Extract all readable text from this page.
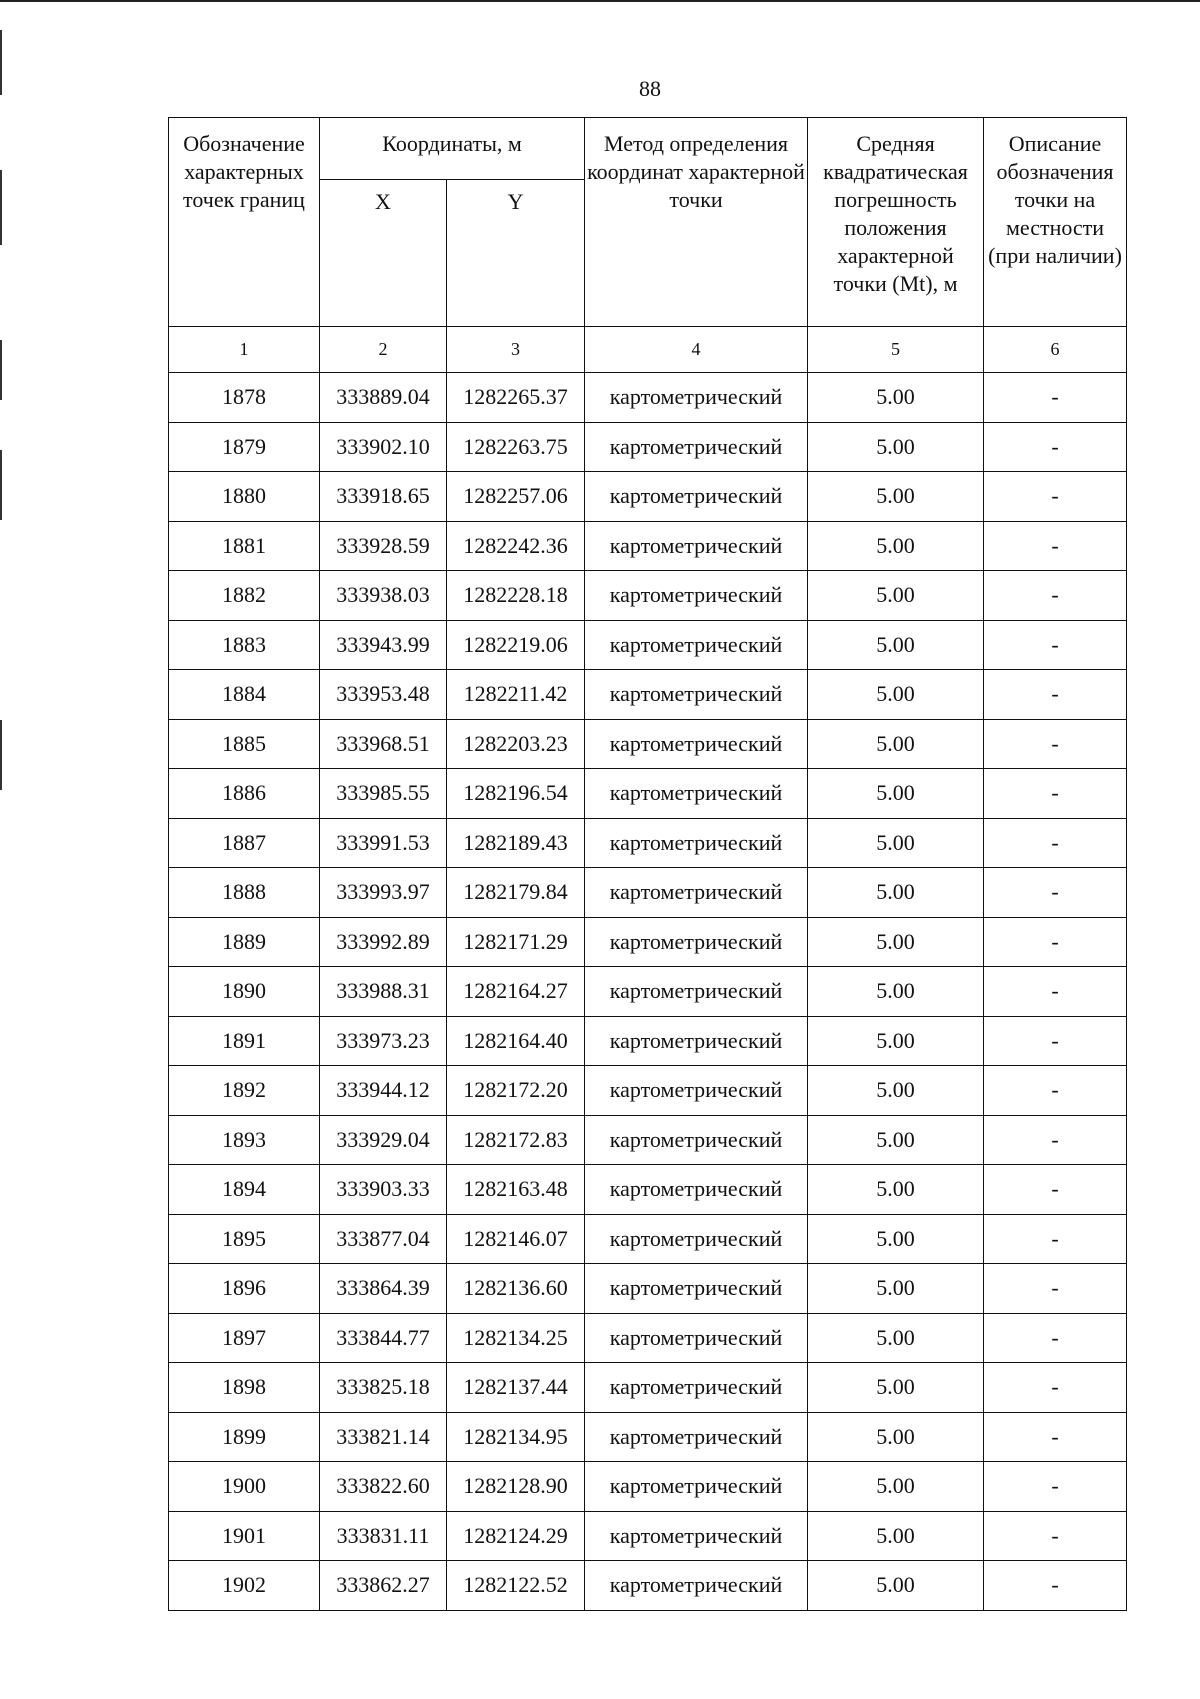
88
Обозначение характерных точек границ	Координаты, м		Метод определения координат характерной точки	Средняя квадратическая погрешность положения характерной точки (Mt), м	Описание обозначения точки на местности (при наличии)
	X	Y			
1	2	3	4	5	6
1878	333889.04	1282265.37	картометрический	5.00	-
1879	333902.10	1282263.75	картометрический	5.00	-
1880	333918.65	1282257.06	картометрический	5.00	-
1881	333928.59	1282242.36	картометрический	5.00	-
1882	333938.03	1282228.18	картометрический	5.00	-
1883	333943.99	1282219.06	картометрический	5.00	-
1884	333953.48	1282211.42	картометрический	5.00	-
1885	333968.51	1282203.23	картометрический	5.00	-
1886	333985.55	1282196.54	картометрический	5.00	-
1887	333991.53	1282189.43	картометрический	5.00	-
1888	333993.97	1282179.84	картометрический	5.00	-
1889	333992.89	1282171.29	картометрический	5.00	-
1890	333988.31	1282164.27	картометрический	5.00	-
1891	333973.23	1282164.40	картометрический	5.00	-
1892	333944.12	1282172.20	картометрический	5.00	-
1893	333929.04	1282172.83	картометрический	5.00	-
1894	333903.33	1282163.48	картометрический	5.00	-
1895	333877.04	1282146.07	картометрический	5.00	-
1896	333864.39	1282136.60	картометрический	5.00	-
1897	333844.77	1282134.25	картометрический	5.00	-
1898	333825.18	1282137.44	картометрический	5.00	-
1899	333821.14	1282134.95	картометрический	5.00	-
1900	333822.60	1282128.90	картометрический	5.00	-
1901	333831.11	1282124.29	картометрический	5.00	-
1902	333862.27	1282122.52	картометрический	5.00	-
